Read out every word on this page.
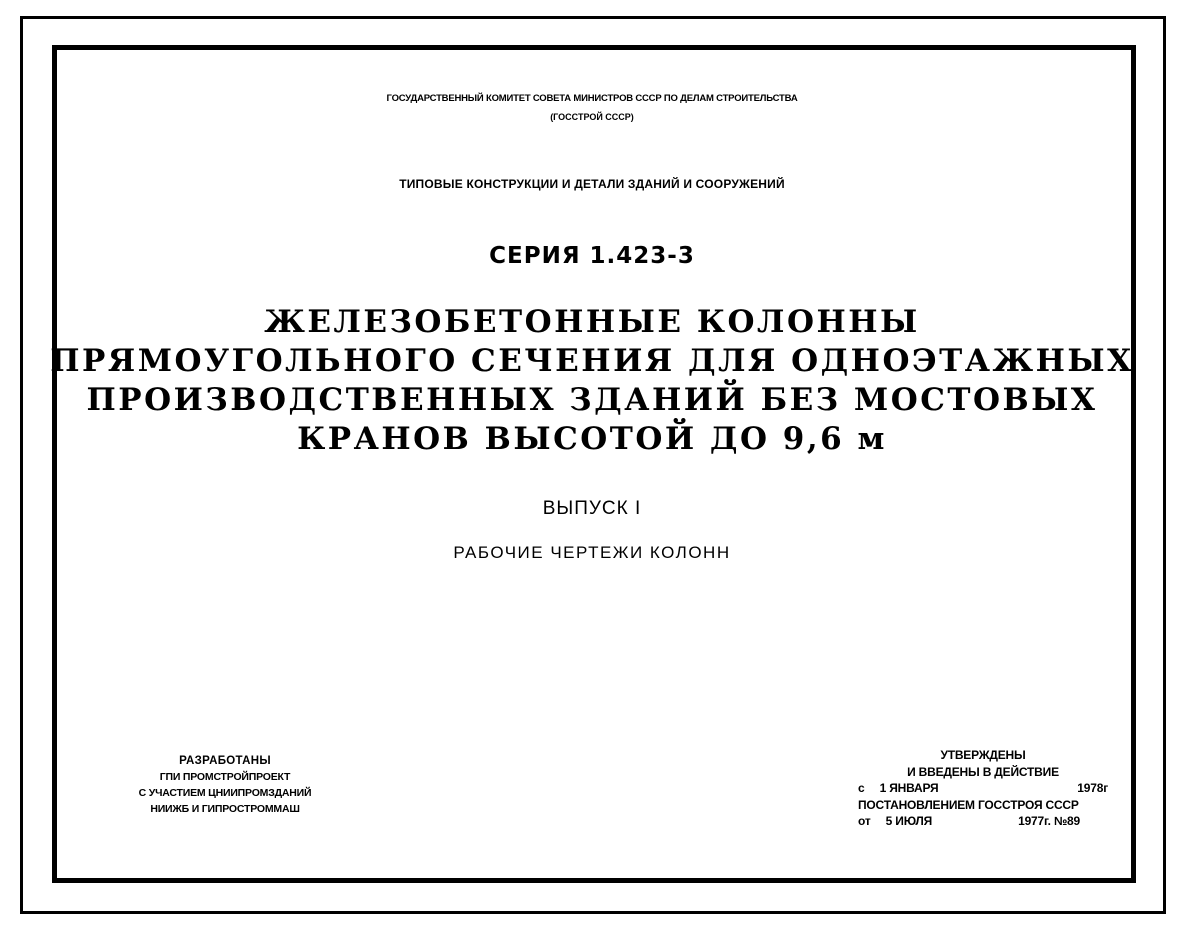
ГОСУДАРСТВЕННЫЙ КОМИТЕТ СОВЕТА МИНИСТРОВ СССР ПО ДЕЛАМ СТРОИТЕЛЬСТВА
(ГОССТРОЙ СССР)
ТИПОВЫЕ КОНСТРУКЦИИ И ДЕТАЛИ ЗДАНИЙ И СООРУЖЕНИЙ
СЕРИЯ 1.423-3
ЖЕЛЕЗОБЕТОННЫЕ КОЛОННЫ
ПРЯМОУГОЛЬНОГО СЕЧЕНИЯ ДЛЯ ОДНОЭТАЖНЫХ
ПРОИЗВОДСТВЕННЫХ ЗДАНИЙ БЕЗ МОСТОВЫХ
КРАНОВ ВЫСОТОЙ ДО 9,6 м
ВЫПУСК I
РАБОЧИЕ ЧЕРТЕЖИ КОЛОНН
РАЗРАБОТАНЫ
ГПИ ПРОМСТРОЙПРОЕКТ
С УЧАСТИЕМ ЦНИИПРОМЗДАНИЙ
НИИЖБ И ГИПРОСТРОММАШ
УТВЕРЖДЕНЫ
И ВВЕДЕНЫ В ДЕЙСТВИЕ
с 1 ЯНВАРЯ	1978г
ПОСТАНОВЛЕНИЕМ ГОССТРОЯ СССР
от 5 ИЮЛЯ	1977г. №89
